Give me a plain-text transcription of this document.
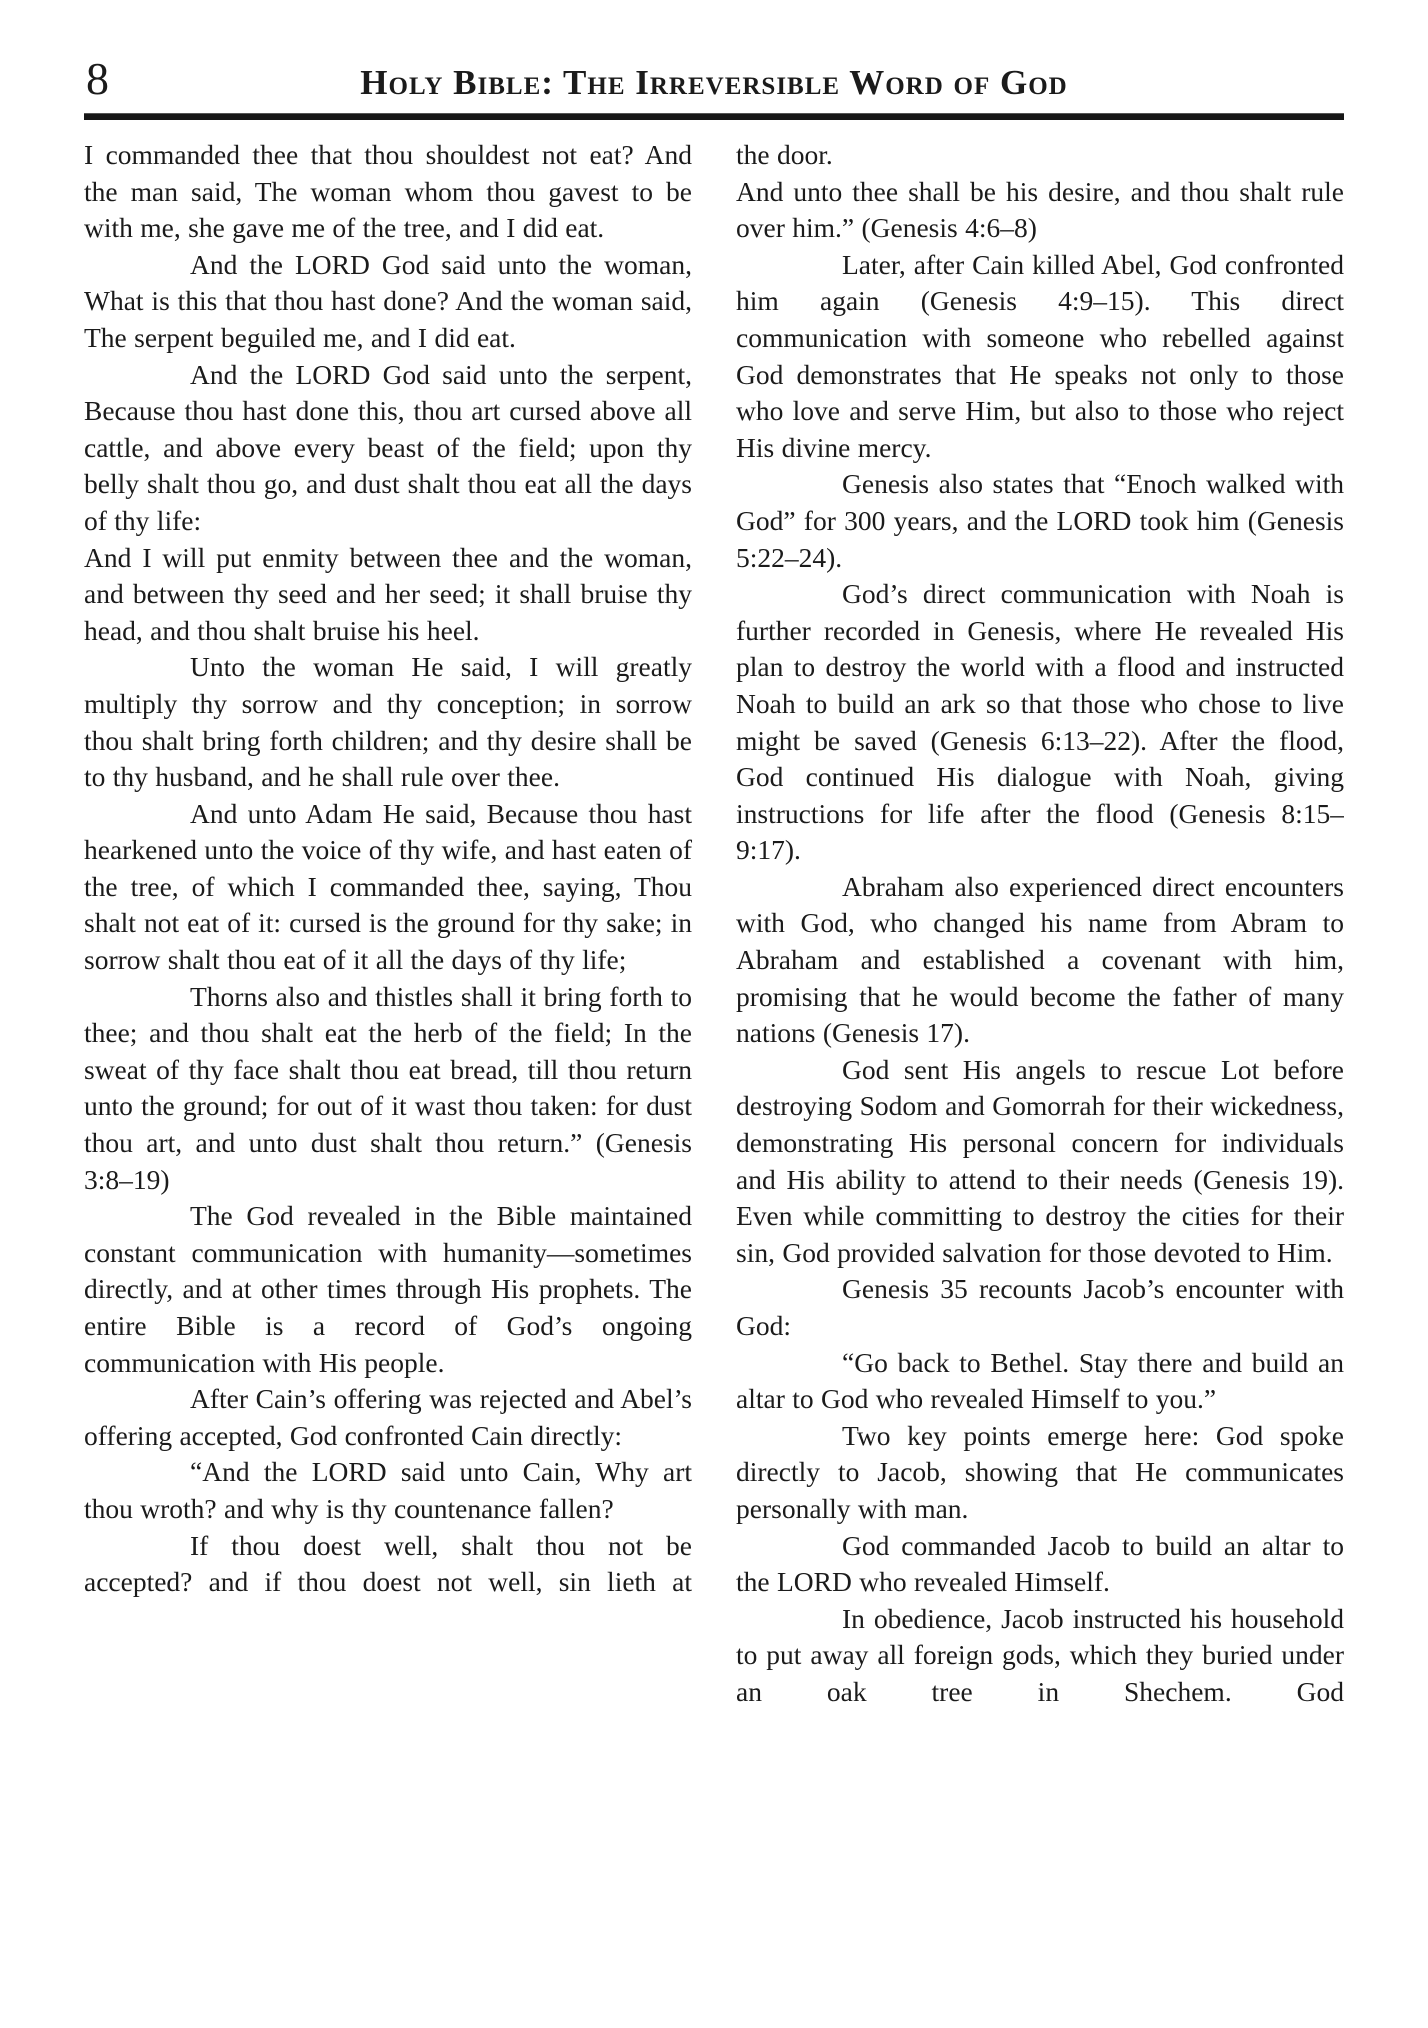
8	Holy Bible: The Irreversible Word of God

I commanded thee that thou shouldest not eat? And the man said, The woman whom thou gavest to be with me, she gave me of the tree, and I did eat.

And the LORD God said unto the woman, What is this that thou hast done? And the woman said, The serpent beguiled me, and I did eat.

And the LORD God said unto the serpent, Because thou hast done this, thou art cursed above all cattle, and above every beast of the field; upon thy belly shalt thou go, and dust shalt thou eat all the days of thy life:

And I will put enmity between thee and the woman, and between thy seed and her seed; it shall bruise thy head, and thou shalt bruise his heel.

Unto the woman He said, I will greatly multiply thy sorrow and thy conception; in sorrow thou shalt bring forth children; and thy desire shall be to thy husband, and he shall rule over thee.

And unto Adam He said, Because thou hast hearkened unto the voice of thy wife, and hast eaten of the tree, of which I commanded thee, saying, Thou shalt not eat of it: cursed is the ground for thy sake; in sorrow shalt thou eat of it all the days of thy life;

Thorns also and thistles shall it bring forth to thee; and thou shalt eat the herb of the field; In the sweat of thy face shalt thou eat bread, till thou return unto the ground; for out of it wast thou taken: for dust thou art, and unto dust shalt thou return.” (Genesis 3:8–19)

The God revealed in the Bible maintained constant communication with humanity—sometimes directly, and at other times through His prophets. The entire Bible is a record of God’s ongoing communication with His people.

After Cain’s offering was rejected and Abel’s offering accepted, God confronted Cain directly:

“And the LORD said unto Cain, Why art thou wroth? and why is thy countenance fallen?

If thou doest well, shalt thou not be accepted? and if thou doest not well, sin lieth at

the door.

And unto thee shall be his desire, and thou shalt rule over him.” (Genesis 4:6–8)

Later, after Cain killed Abel, God confronted him again (Genesis 4:9–15). This direct communication with someone who rebelled against God demonstrates that He speaks not only to those who love and serve Him, but also to those who reject His divine mercy.

Genesis also states that “Enoch walked with God” for 300 years, and the LORD took him (Genesis 5:22–24).

God’s direct communication with Noah is further recorded in Genesis, where He revealed His plan to destroy the world with a flood and instructed Noah to build an ark so that those who chose to live might be saved (Genesis 6:13–22). After the flood, God continued His dialogue with Noah, giving instructions for life after the flood (Genesis 8:15–9:17).

Abraham also experienced direct encounters with God, who changed his name from Abram to Abraham and established a covenant with him, promising that he would become the father of many nations (Genesis 17).

God sent His angels to rescue Lot before destroying Sodom and Gomorrah for their wickedness, demonstrating His personal concern for individuals and His ability to attend to their needs (Genesis 19). Even while committing to destroy the cities for their sin, God provided salvation for those devoted to Him.

Genesis 35 recounts Jacob’s encounter with God:

“Go back to Bethel. Stay there and build an altar to God who revealed Himself to you.”

Two key points emerge here: God spoke directly to Jacob, showing that He communicates personally with man.

God commanded Jacob to build an altar to the LORD who revealed Himself.

In obedience, Jacob instructed his household to put away all foreign gods, which they buried under an oak tree in Shechem. God
